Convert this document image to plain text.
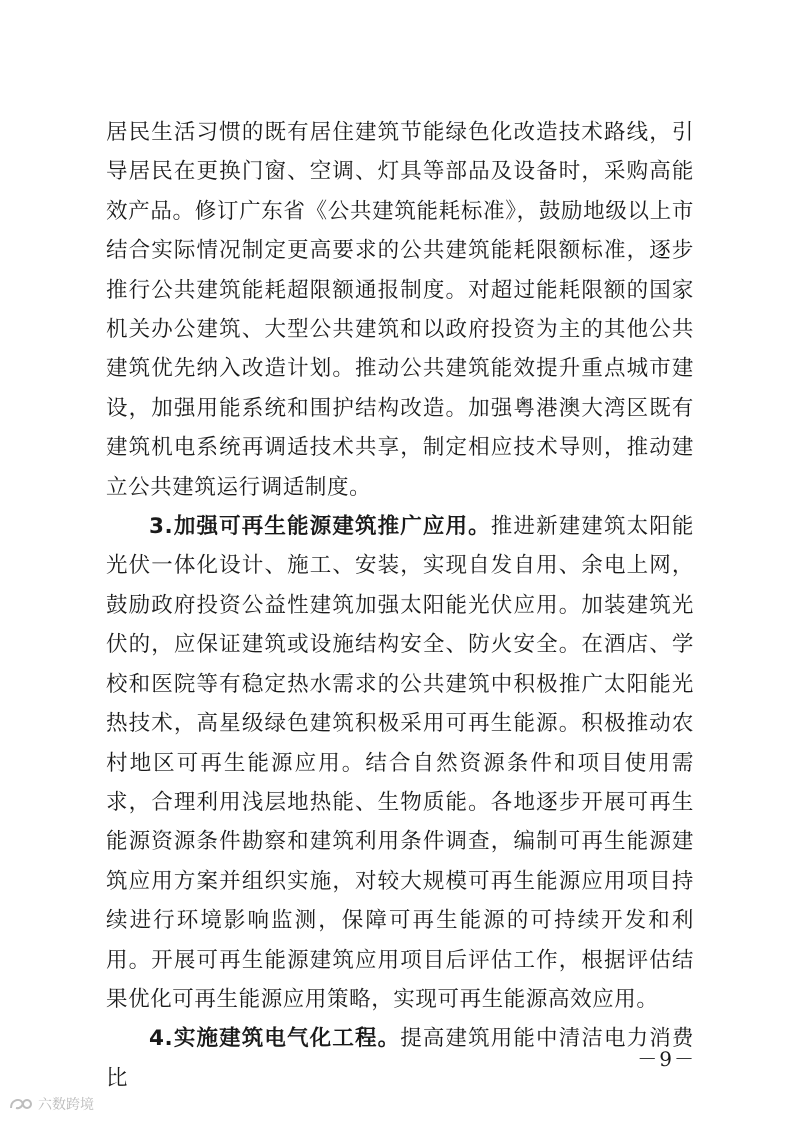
居民生活习惯的既有居住建筑节能绿色化改造技术路线，引导居民在更换门窗、空调、灯具等部品及设备时，采购高能效产品。修订广东省《公共建筑能耗标准》，鼓励地级以上市结合实际情况制定更高要求的公共建筑能耗限额标准，逐步推行公共建筑能耗超限额通报制度。对超过能耗限额的国家机关办公建筑、大型公共建筑和以政府投资为主的其他公共建筑优先纳入改造计划。推动公共建筑能效提升重点城市建设，加强用能系统和围护结构改造。加强粤港澳大湾区既有建筑机电系统再调适技术共享，制定相应技术导则，推动建立公共建筑运行调适制度。

3.加强可再生能源建筑推广应用。推进新建建筑太阳能光伏一体化设计、施工、安装，实现自发自用、余电上网，鼓励政府投资公益性建筑加强太阳能光伏应用。加装建筑光伏的，应保证建筑或设施结构安全、防火安全。在酒店、学校和医院等有稳定热水需求的公共建筑中积极推广太阳能光热技术，高星级绿色建筑积极采用可再生能源。积极推动农村地区可再生能源应用。结合自然资源条件和项目使用需求，合理利用浅层地热能、生物质能。各地逐步开展可再生能源资源条件勘察和建筑利用条件调查，编制可再生能源建筑应用方案并组织实施，对较大规模可再生能源应用项目持续进行环境影响监测，保障可再生能源的可持续开发和利用。开展可再生能源建筑应用项目后评估工作，根据评估结果优化可再生能源应用策略，实现可再生能源高效应用。

4.实施建筑电气化工程。提高建筑用能中清洁电力消费比

－9－
六数跨境
